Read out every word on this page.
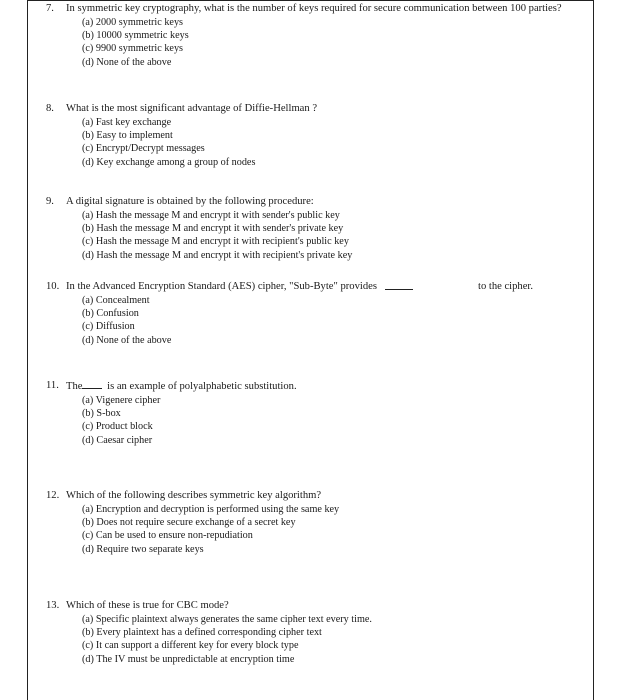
7.	In symmetric key cryptography, what is the number of keys required for secure communication between 100 parties?
(a) 2000 symmetric keys
(b) 10000 symmetric keys
(c) 9900 symmetric keys
(d) None of the above
8.	What is the most significant advantage of Diffie-Hellman ?
(a) Fast key exchange
(b) Easy to implement
(c) Encrypt/Decrypt messages
(d) Key exchange among a group of nodes
9.	A digital signature is obtained by the following procedure:
(a) Hash the message M and encrypt it with sender's public key
(b) Hash the message M and encrypt it with sender's private key
(c) Hash the message M and encrypt it with recipient's public key
(d) Hash the message M and encrypt it with recipient's private key
10. In the Advanced Encryption Standard (AES) cipher, "Sub-Byte" provides	to the cipher.
(a) Concealment
(b) Confusion
(c) Diffusion
(d) None of the above
11. The is an example of polyalphabetic substitution.
(a) Vigenere cipher
(b) S-box
(c) Product block
(d) Caesar cipher
12. Which of the following describes symmetric key algorithm?
(a) Encryption and decryption is performed using the same key
(b) Does not require secure exchange of a secret key
(c) Can be used to ensure non-repudiation
(d) Require two separate keys
13. Which of these is true for CBC mode?
(a) Specific plaintext always generates the same cipher text every time.
(b) Every plaintext has a defined corresponding cipher text
(c) It can support a different key for every block type
(d) The IV must be unpredictable at encryption time
